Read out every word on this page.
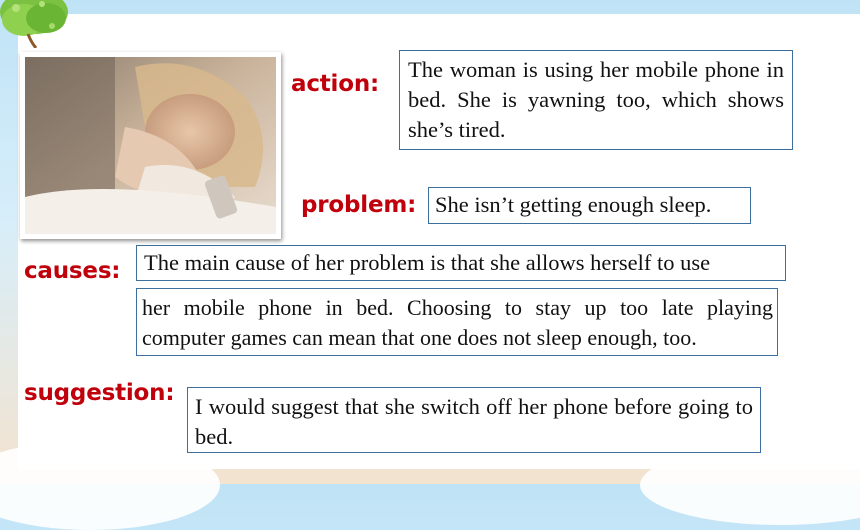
action:
problem:
causes:
suggestion:
The woman is using her mobile phone in bed. She is yawning too, which shows she’s tired.
She isn’t getting enough sleep.
The main cause of her problem is that she allows herself to use
her mobile phone in bed. Choosing to stay up too late playing computer games can mean that one does not sleep enough, too.
I would suggest that she switch off her phone before going to bed.
